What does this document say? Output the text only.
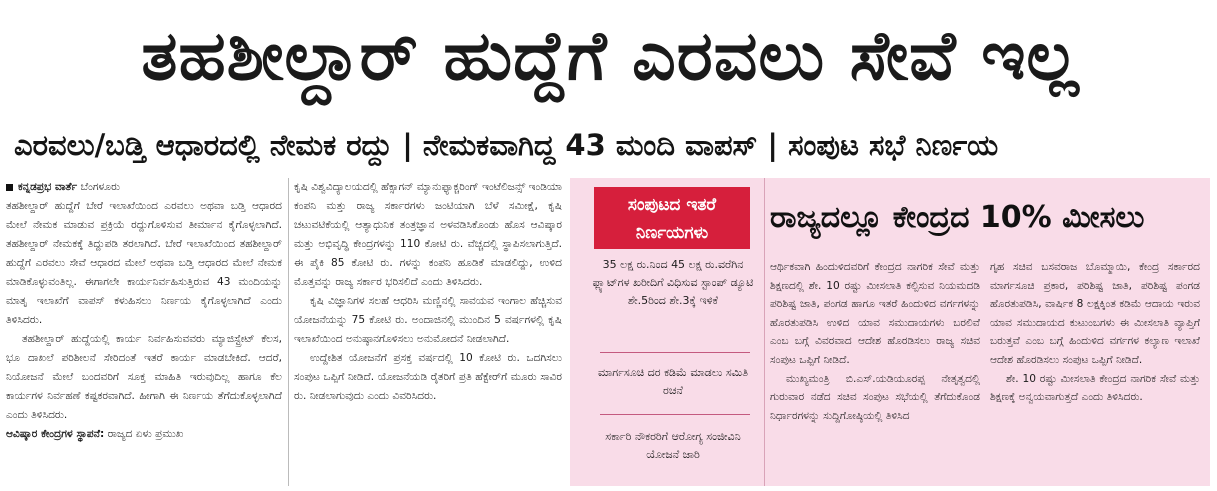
ತಹಶೀಲ್ದಾರ್ ಹುದ್ದೆಗೆ ಎರವಲು ಸೇವೆ ಇಲ್ಲ
ಎರವಲು/ಬಡ್ತಿ ಆಧಾರದಲ್ಲಿ ನೇಮಕ ರದ್ದು | ನೇಮಕವಾಗಿದ್ದ 43 ಮಂದಿ ವಾಪಸ್ | ಸಂಪುಟ ಸಭೆ ನಿರ್ಣಯ

ಕನ್ನಡಪ್ರಭ ವಾರ್ತೆ ಬೆಂಗಳೂರು

ತಹಶೀಲ್ದಾರ್ ಹುದ್ದೆಗೆ ಬೇರೆ ಇಲಾಖೆಯಿಂದ ಎರವಲು ಅಥವಾ ಬಡ್ತಿ ಆಧಾರದ ಮೇಲೆ ನೇಮಕ ಮಾಡುವ ಪ್ರಕ್ರಿಯೆ ರದ್ದುಗೊಳಿಸುವ ತೀರ್ಮಾನ ಕೈಗೊಳ್ಳಲಾಗಿದೆ. ತಹಶೀಲ್ದಾರ್ ನೇಮಕಕ್ಕೆ ತಿದ್ದುಪಡಿ ತರಲಾಗಿದೆ. ಬೇರೆ ಇಲಾಖೆಯಿಂದ ತಹಶೀಲ್ದಾರ್ ಹುದ್ದೆಗೆ ಎರವಲು ಸೇವೆ ಆಧಾರದ ಮೇಲೆ ಅಥವಾ ಬಡ್ತಿ ಆಧಾರದ ಮೇಲೆ ನೇಮಕ ಮಾಡಿಕೊಳ್ಳುವಂತಿಲ್ಲ. ಈಗಾಗಲೇ ಕಾರ್ಯನಿರ್ವಹಿಸುತ್ತಿರುವ 43 ಮಂದಿಯನ್ನು ಮಾತೃ ಇಲಾಖೆಗೆ ವಾಪಸ್ ಕಳುಹಿಸಲು ನಿರ್ಣಯ ಕೈಗೊಳ್ಳಲಾಗಿದೆ ಎಂದು ತಿಳಿಸಿದರು.

ತಹಶೀಲ್ದಾರ್ ಹುದ್ದೆಯಲ್ಲಿ ಕಾರ್ಯ ನಿರ್ವಹಿಸುವವರು ಮ್ಯಾಜಿಸ್ಟ್ರೇಟ್ ಕೆಲಸ, ಭೂ ದಾಖಲೆ ಪರಿಶೀಲನೆ ಸೇರಿದಂತೆ ಇತರೆ ಕಾರ್ಯ ಮಾಡಬೇಕಿದೆ. ಆದರೆ, ನಿಯೋಜನೆ ಮೇಲೆ ಬಂದವರಿಗೆ ಸೂಕ್ತ ಮಾಹಿತಿ ಇರುವುದಿಲ್ಲ ಹಾಗೂ ಕೆಲ ಕಾರ್ಯಗಳ ನಿರ್ವಹಣೆ ಕಷ್ಟಕರವಾಗಿದೆ. ಹೀಗಾಗಿ ಈ ನಿರ್ಣಯ ತೆಗೆದುಕೊಳ್ಳಲಾಗಿದೆ ಎಂದು ತಿಳಿಸಿದರು.

ಆವಿಷ್ಕಾರ ಕೇಂದ್ರಗಳ ಸ್ಥಾಪನೆ: ರಾಜ್ಯದ ಏಳು ಪ್ರಮುಖ

ಕೃಷಿ ವಿಶ್ವವಿದ್ಯಾಲಯದಲ್ಲಿ ಹೆಕ್ಸಾಗನ್ ಮ್ಯಾನುಫ್ಯಾಕ್ಚರಿಂಗ್ ಇಂಟೆಲಿಜನ್ಸ್ ಇಂಡಿಯಾ ಕಂಪನಿ ಮತ್ತು ರಾಜ್ಯ ಸರ್ಕಾರಗಳು ಜಂಟಿಯಾಗಿ ಬೆಳೆ ಸಮೀಕ್ಷೆ, ಕೃಷಿ ಚಟುವಟಿಕೆಯಲ್ಲಿ ಆತ್ಯಾಧುನಿಕ ತಂತ್ರಜ್ಞಾನ ಅಳವಡಿಸಿಕೊಂಡು ಹೊಸ ಆವಿಷ್ಕಾರ ಮತ್ತು ಅಭಿವೃದ್ಧಿ ಕೇಂದ್ರಗಳನ್ನು 110 ಕೋಟಿ ರು. ವೆಚ್ಚದಲ್ಲಿ ಸ್ಥಾಪಿಸಲಾಗುತ್ತಿದೆ. ಈ ಪೈಕಿ 85 ಕೋಟಿ ರು. ಗಳನ್ನು ಕಂಪನಿ ಹೂಡಿಕೆ ಮಾಡಲಿದ್ದು, ಉಳಿದ ಮೊತ್ತವನ್ನು ರಾಜ್ಯ ಸರ್ಕಾರ ಭರಿಸಲಿದೆ ಎಂದು ತಿಳಿಸಿದರು.

ಕೃಷಿ ವಿಜ್ಞಾನಿಗಳ ಸಲಹೆ ಆಧರಿಸಿ ಮಣ್ಣಿನಲ್ಲಿ ಸಾವಯವ ಇಂಗಾಲ ಹೆಚ್ಚಿಸುವ ಯೋಜನೆಯನ್ನು 75 ಕೋಟಿ ರು. ಅಂದಾಜಿನಲ್ಲಿ ಮುಂದಿನ 5 ವರ್ಷಗಳಲ್ಲಿ ಕೃಷಿ ಇಲಾಖೆಯಿಂದ ಅನುಷ್ಠಾನಗೊಳಿಸಲು ಅನುಮೋದನೆ ನೀಡಲಾಗಿದೆ.

ಉದ್ದೇಶಿತ ಯೋಜನೆಗೆ ಪ್ರಸಕ್ತ ವರ್ಷದಲ್ಲಿ 10 ಕೋಟಿ ರು. ಒದಗಿಸಲು ಸಂಪುಟ ಒಪ್ಪಿಗೆ ನೀಡಿದೆ. ಯೋಜನೆಯಡಿ ರೈತರಿಗೆ ಪ್ರತಿ ಹೆಕ್ಟೇರ್‌ಗೆ ಮೂರು ಸಾವಿರ ರು. ನೀಡಲಾಗುವುದು ಎಂದು ವಿವರಿಸಿದರು.

ಸಂಪುಟದ ಇತರೆ ನಿರ್ಣಯಗಳು
35 ಲಕ್ಷ ರು.ನಿಂದ 45 ಲಕ್ಷ ರು.ವರೆಗಿನ ಫ್ಲ್ಯಾಟ್‌ಗಳ ಖರೀದಿಗೆ ವಿಧಿಸುವ ಸ್ಟಾಂಪ್ ಡ್ಯೂಟಿ ಶೇ.5ರಿಂದ ಶೇ.3ಕ್ಕೆ ಇಳಿಕೆ
ಮಾರ್ಗಸೂಚಿ ದರ ಕಡಿಮೆ ಮಾಡಲು ಸಮಿತಿ ರಚನೆ
ಸರ್ಕಾರಿ ನೌಕರರಿಗೆ ಆರೋಗ್ಯ ಸಂಜೀವಿನಿ ಯೋಜನೆ ಜಾರಿ
ರಾಜ್ಯದಲ್ಲೂ ಕೇಂದ್ರದ 10% ಮೀಸಲು

ಆರ್ಥಿಕವಾಗಿ ಹಿಂದುಳಿದವರಿಗೆ ಕೇಂದ್ರದ ನಾಗರಿಕ ಸೇವೆ ಮತ್ತು ಶಿಕ್ಷಣದಲ್ಲಿ ಶೇ. 10 ರಷ್ಟು ಮೀಸಲಾತಿ ಕಲ್ಪಿಸುವ ನಿಯಮದಡಿ ಪರಿಶಿಷ್ಟ ಜಾತಿ, ಪಂಗಡ ಹಾಗೂ ಇತರೆ ಹಿಂದುಳಿದ ವರ್ಗಗಳನ್ನು ಹೊರತುಪಡಿಸಿ ಉಳಿದ ಯಾವ ಸಮುದಾಯಗಳು ಬರಲಿವೆ ಎಂಬ ಬಗ್ಗೆ ವಿವರವಾದ ಆದೇಶ ಹೊರಡಿಸಲು ರಾಜ್ಯ ಸಚಿವ ಸಂಪುಟ ಒಪ್ಪಿಗೆ ನೀಡಿದೆ.

ಮುಖ್ಯಮಂತ್ರಿ ಬಿ.ಎಸ್.ಯಡಿಯೂರಪ್ಪ ನೇತೃತ್ವದಲ್ಲಿ ಗುರುವಾರ ನಡೆದ ಸಚಿವ ಸಂಪುಟ ಸಭೆಯಲ್ಲಿ ತೆಗೆದುಕೊಂಡ ನಿರ್ಧಾರಗಳನ್ನು ಸುದ್ದಿಗೋಷ್ಠಿಯಲ್ಲಿ ತಿಳಿಸಿದ

ಗೃಹ ಸಚಿವ ಬಸವರಾಜ ಬೊಮ್ಮಾಯಿ, ಕೇಂದ್ರ ಸರ್ಕಾರದ ಮಾರ್ಗಸೂಚಿ ಪ್ರಕಾರ, ಪರಿಶಿಷ್ಟ ಜಾತಿ, ಪರಿಶಿಷ್ಟ ಪಂಗಡ ಹೊರತುಪಡಿಸಿ, ವಾರ್ಷಿಕ 8 ಲಕ್ಷಕ್ಕಿಂತ ಕಡಿಮೆ ಆದಾಯ ಇರುವ ಯಾವ ಸಮುದಾಯದ ಕುಟುಂಬಗಳು ಈ ಮೀಸಲಾತಿ ವ್ಯಾಪ್ತಿಗೆ ಬರುತ್ತವೆ ಎಂಬ ಬಗ್ಗೆ ಹಿಂದುಳಿದ ವರ್ಗಗಳ ಕಲ್ಯಾಣ ಇಲಾಖೆ ಆದೇಶ ಹೊರಡಿಸಲು ಸಂಪುಟ ಒಪ್ಪಿಗೆ ನೀಡಿದೆ.

ಶೇ. 10 ರಷ್ಟು ಮೀಸಲಾತಿ ಕೇಂದ್ರದ ನಾಗರಿಕ ಸೇವೆ ಮತ್ತು ಶಿಕ್ಷಣಕ್ಕೆ ಅನ್ವಯವಾಗುತ್ತದೆ ಎಂದು ತಿಳಿಸಿದರು.
